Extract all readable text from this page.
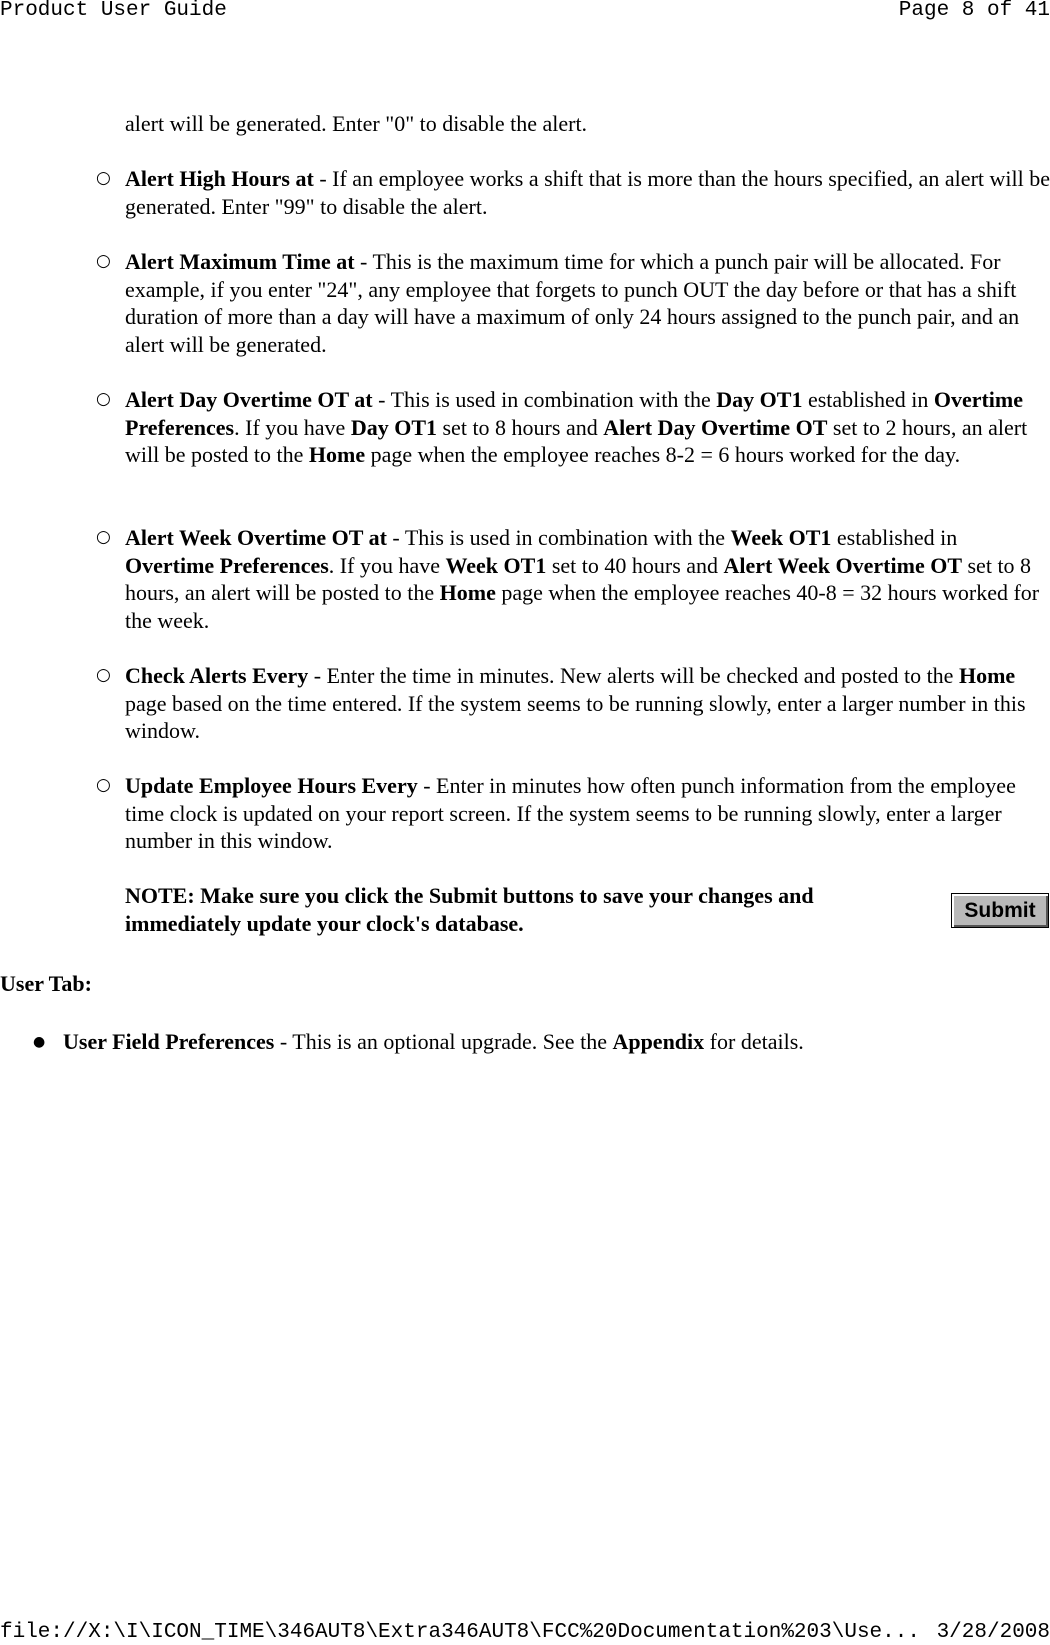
Product User Guide	Page 8 of 41

alert will be generated. Enter "0" to disable the alert.

○ Alert High Hours at - If an employee works a shift that is more than the hours specified, an alert will be generated. Enter "99" to disable the alert.

○ Alert Maximum Time at - This is the maximum time for which a punch pair will be allocated. For example, if you enter "24", any employee that forgets to punch OUT the day before or that has a shift duration of more than a day will have a maximum of only 24 hours assigned to the punch pair, and an alert will be generated.

○ Alert Day Overtime OT at - This is used in combination with the Day OT1 established in Overtime Preferences. If you have Day OT1 set to 8 hours and Alert Day Overtime OT set to 2 hours, an alert will be posted to the Home page when the employee reaches 8-2 = 6 hours worked for the day.

○ Alert Week Overtime OT at - This is used in combination with the Week OT1 established in Overtime Preferences. If you have Week OT1 set to 40 hours and Alert Week Overtime OT set to 8 hours, an alert will be posted to the Home page when the employee reaches 40-8 = 32 hours worked for the week.

○ Check Alerts Every - Enter the time in minutes. New alerts will be checked and posted to the Home page based on the time entered. If the system seems to be running slowly, enter a larger number in this window.

○ Update Employee Hours Every - Enter in minutes how often punch information from the employee time clock is updated on your report screen. If the system seems to be running slowly, enter a larger number in this window.

NOTE: Make sure you click the Submit buttons to save your changes and immediately update your clock's database.	Submit

User Tab:

● User Field Preferences - This is an optional upgrade. See the Appendix for details.

file://X:\I\ICON_TIME\346AUT8\Extra346AUT8\FCC%20Documentation%203\Use... 3/28/2008
